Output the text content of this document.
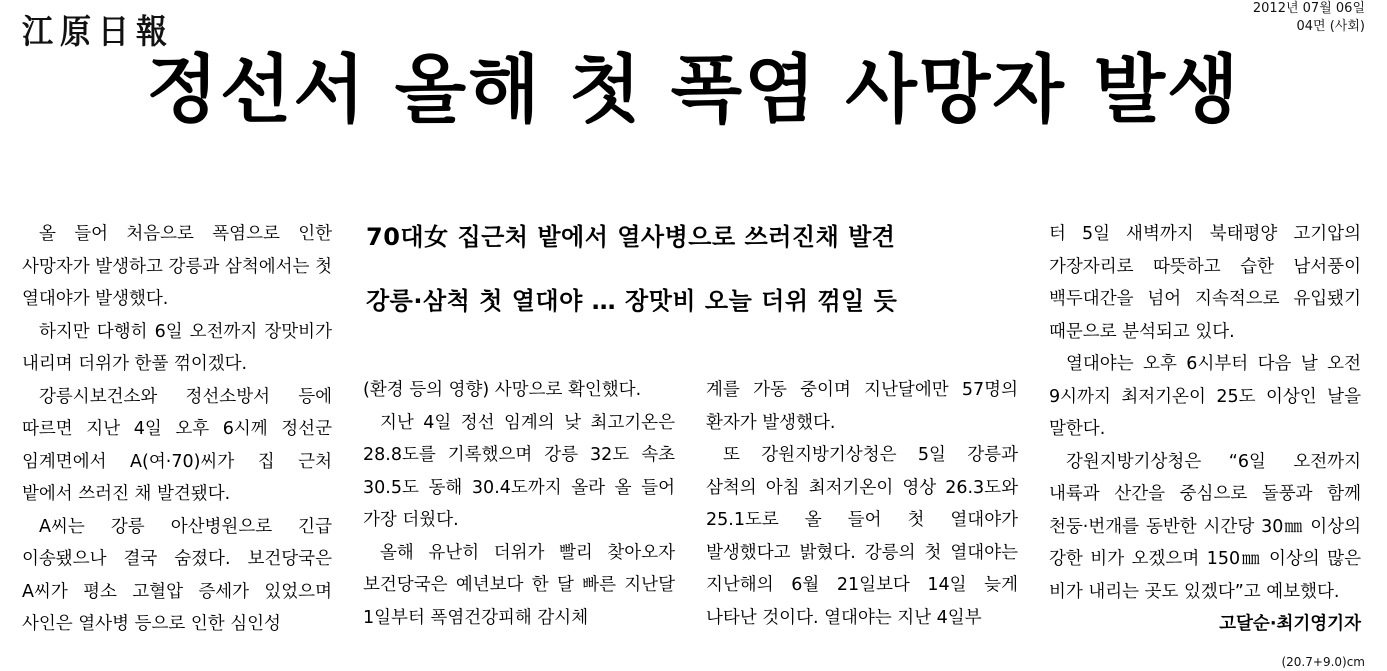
江原日報
2012년 07월 06일
04면 (사회)
정선서 올해 첫 폭염 사망자 발생
70대女 집근처 밭에서 열사병으로 쓰러진채 발견
강릉·삼척 첫 열대야 … 장맛비 오늘 더위 꺾일 듯

올 들어 처음으로 폭염으로 인한 사망자가 발생하고 강릉과 삼척에서는 첫 열대야가 발생했다.

하지만 다행히 6일 오전까지 장맛비가 내리며 더위가 한풀 꺾이겠다.

강릉시보건소와 정선소방서 등에 따르면 지난 4일 오후 6시께 정선군 임계면에서 A(여·70)씨가 집 근처 밭에서 쓰러진 채 발견됐다.

A씨는 강릉 아산병원으로 긴급 이송됐으나 결국 숨졌다. 보건당국은 A씨가 평소 고혈압 증세가 있었으며 사인은 열사병 등으로 인한 심인성

(환경 등의 영향) 사망으로 확인했다.

지난 4일 정선 임계의 낮 최고기온은 28.8도를 기록했으며 강릉 32도 속초 30.5도 동해 30.4도까지 올라 올 들어 가장 더웠다.

올해 유난히 더위가 빨리 찾아오자 보건당국은 예년보다 한 달 빠른 지난달 1일부터 폭염건강피해 감시체

계를 가동 중이며 지난달에만 57명의 환자가 발생했다.

또 강원지방기상청은 5일 강릉과 삼척의 아침 최저기온이 영상 26.3도와 25.1도로 올 들어 첫 열대야가 발생했다고 밝혔다. 강릉의 첫 열대야는 지난해의 6월 21일보다 14일 늦게 나타난 것이다. 열대야는 지난 4일부

터 5일 새벽까지 북태평양 고기압의 가장자리로 따뜻하고 습한 남서풍이 백두대간을 넘어 지속적으로 유입됐기 때문으로 분석되고 있다.

열대야는 오후 6시부터 다음 날 오전 9시까지 최저기온이 25도 이상인 날을 말한다.

강원지방기상청은 “6일 오전까지 내륙과 산간을 중심으로 돌풍과 함께 천둥·번개를 동반한 시간당 30㎜ 이상의 강한 비가 오겠으며 150㎜ 이상의 많은 비가 내리는 곳도 있겠다”고 예보했다.

고달순·최기영기자
(20.7+9.0)cm
